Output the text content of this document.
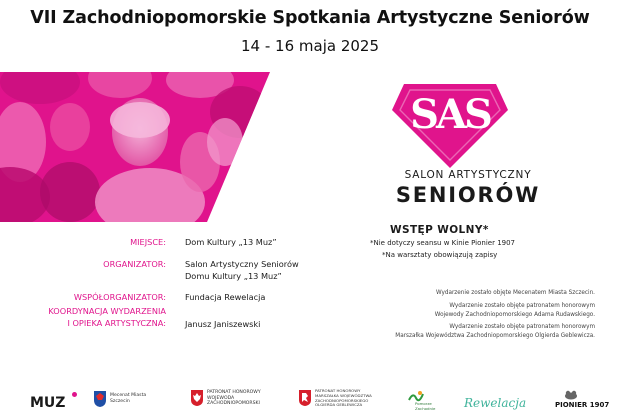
VII Zachodniopomorskie Spotkania Artystyczne Seniorów
14 - 16 maja 2025
SAS
SALON ARTYSTYCZNY
SENIORÓW
WSTĘP WOLNY*
*Nie dotyczy seansu w Kinie Pionier 1907
*Na warsztaty obowiązują zapisy
MIEJSCE: Dom Kultury „13 Muz”
ORGANIZATOR: Salon Artystyczny Seniorów
Domu Kultury „13 Muz”
WSPÓŁORGANIZATOR: Fundacja Rewelacja
KOORDYNACJA WYDARZENIA
I OPIEKA ARTYSTYCZNA: Janusz Janiszewski
Wydarzenie zostało objęte Mecenatem Miasta Szczecin.
Wydarzenie zostało objęte patronatem honorowym
Wojewody Zachodniopomorskiego Adama Rudawskiego.
Wydarzenie zostało objęte patronatem honorowym
Marszałka Województwa Zachodniopomorskiego Olgierda Geblewicza.
MUZ	Mecenat Miasta
Szczecin
PATRONAT HONOROWY
WOJEWODA
ZACHODNIOPOMORSKI
PATRONAT HONOROWY
MARSZAŁKA WOJEWÓDZTWA
ZACHODNIOPOMORSKIEGO
OLGIERDA GEBLEWICZA	Pomorze
Zachodnie Rewelacja	PIONIER 1907
